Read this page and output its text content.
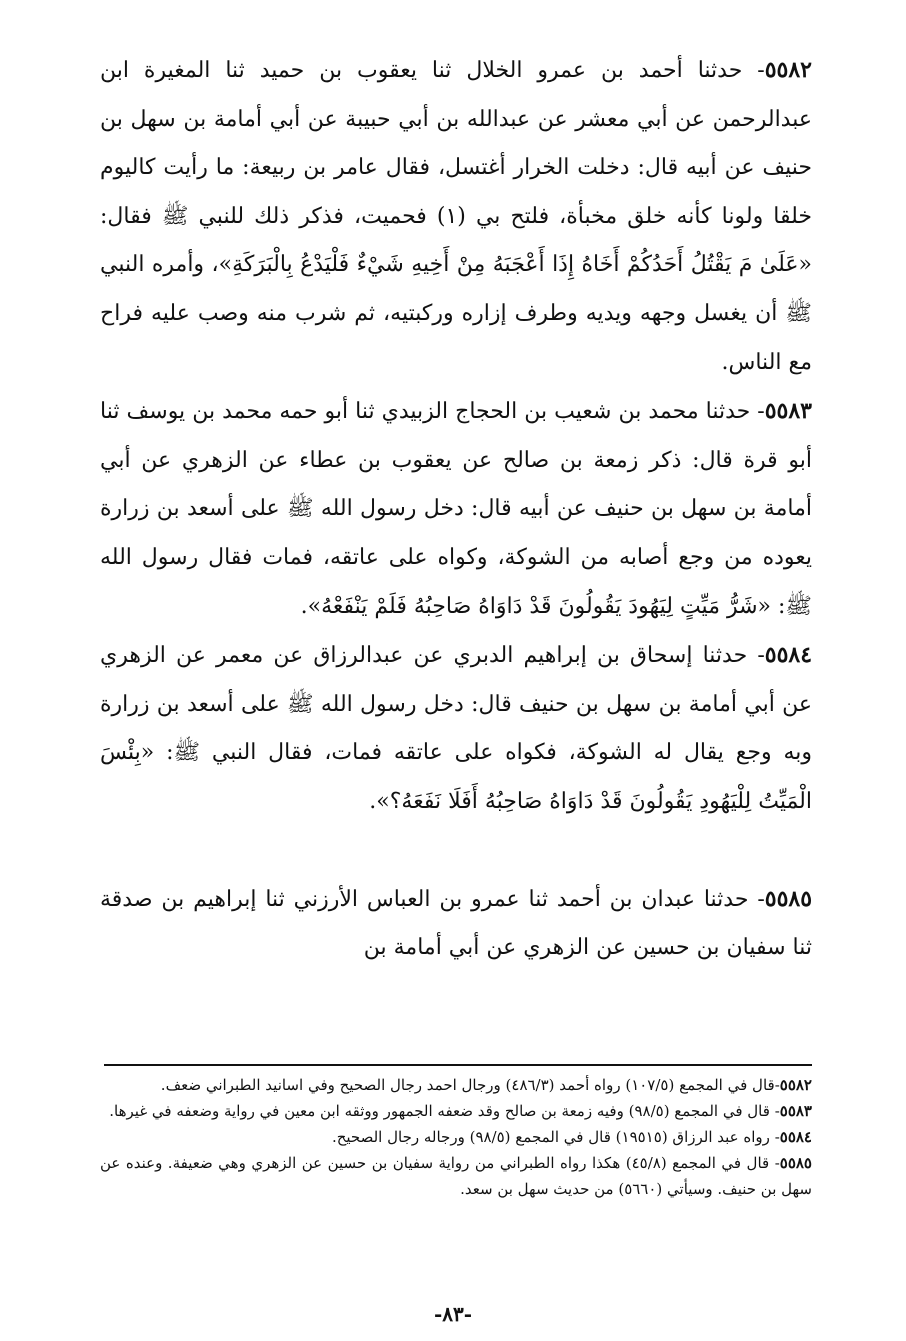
٥٥٨٢- حدثنا أحمد بن عمرو الخلال ثنا يعقوب بن حميد ثنا المغيرة ابن عبدالرحمن عن أبي معشر عن عبدالله بن أبي حبيبة عن أبي أمامة بن سهل بن حنيف عن أبيه قال: دخلت الخرار أغتسل، فقال عامر بن ربيعة: ما رأيت كاليوم خلقا ولونا كأنه خلق مخبأة، فلتح بي (١) فحميت، فذكر ذلك للنبي ﷺ فقال: «عَلَىٰ مَ يَقْتُلُ أَحَدُكُمْ أَخَاهُ إِذَا أَعْجَبَهُ مِنْ أَخِيهِ شَيْءٌ فَلْيَدْعُ بِالْبَرَكَةِ»، وأمره النبي ﷺ أن يغسل وجهه ويديه وطرف إزاره وركبتيه، ثم شرب منه وصب عليه فراح مع الناس.

٥٥٨٣- حدثنا محمد بن شعيب بن الحجاج الزبيدي ثنا أبو حمه محمد بن يوسف ثنا أبو قرة قال: ذكر زمعة بن صالح عن يعقوب بن عطاء عن الزهري عن أبي أمامة بن سهل بن حنيف عن أبيه قال: دخل رسول الله ﷺ على أسعد بن زرارة يعوده من وجع أصابه من الشوكة، وكواه على عاتقه، فمات فقال رسول الله ﷺ: «شَرُّ مَيِّتٍ لِيَهُودَ يَقُولُونَ قَدْ دَاوَاهُ صَاحِبُهُ فَلَمْ يَنْفَعْهُ».

٥٥٨٤- حدثنا إسحاق بن إبراهيم الدبري عن عبدالرزاق عن معمر عن الزهري عن أبي أمامة بن سهل بن حنيف قال: دخل رسول الله ﷺ على أسعد بن زرارة وبه وجع يقال له الشوكة، فكواه على عاتقه فمات، فقال النبي ﷺ: «بِئْسَ الْمَيِّتُ لِلْيَهُودِ يَقُولُونَ قَدْ دَاوَاهُ صَاحِبُهُ أَفَلَا نَفَعَهُ؟».

٥٥٨٥- حدثنا عبدان بن أحمد ثنا عمرو بن العباس الأرزني ثنا إبراهيم بن صدقة ثنا سفيان بن حسين عن الزهري عن أبي أمامة بن

٥٥٨٢-قال في المجمع (١٠٧/٥) رواه أحمد (٤٨٦/٣) ورجال احمد رجال الصحيح وفي اسانيد الطبراني ضعف.

٥٥٨٣- قال في المجمع (٩٨/٥) وفيه زمعة بن صالح وقد ضعفه الجمهور ووثقه ابن معين في رواية وضعفه في غيرها.

٥٥٨٤- رواه عبد الرزاق (١٩٥١٥) قال في المجمع (٩٨/٥) ورجاله رجال الصحيح.

٥٥٨٥- قال في المجمع (٤٥/٨) هكذا رواه الطبراني من رواية سفيان بن حسين عن الزهري وهي ضعيفة. وعنده عن سهل بن حنيف. وسيأتي (٥٦٦٠) من حديث سهل بن سعد.

-٨٣-
